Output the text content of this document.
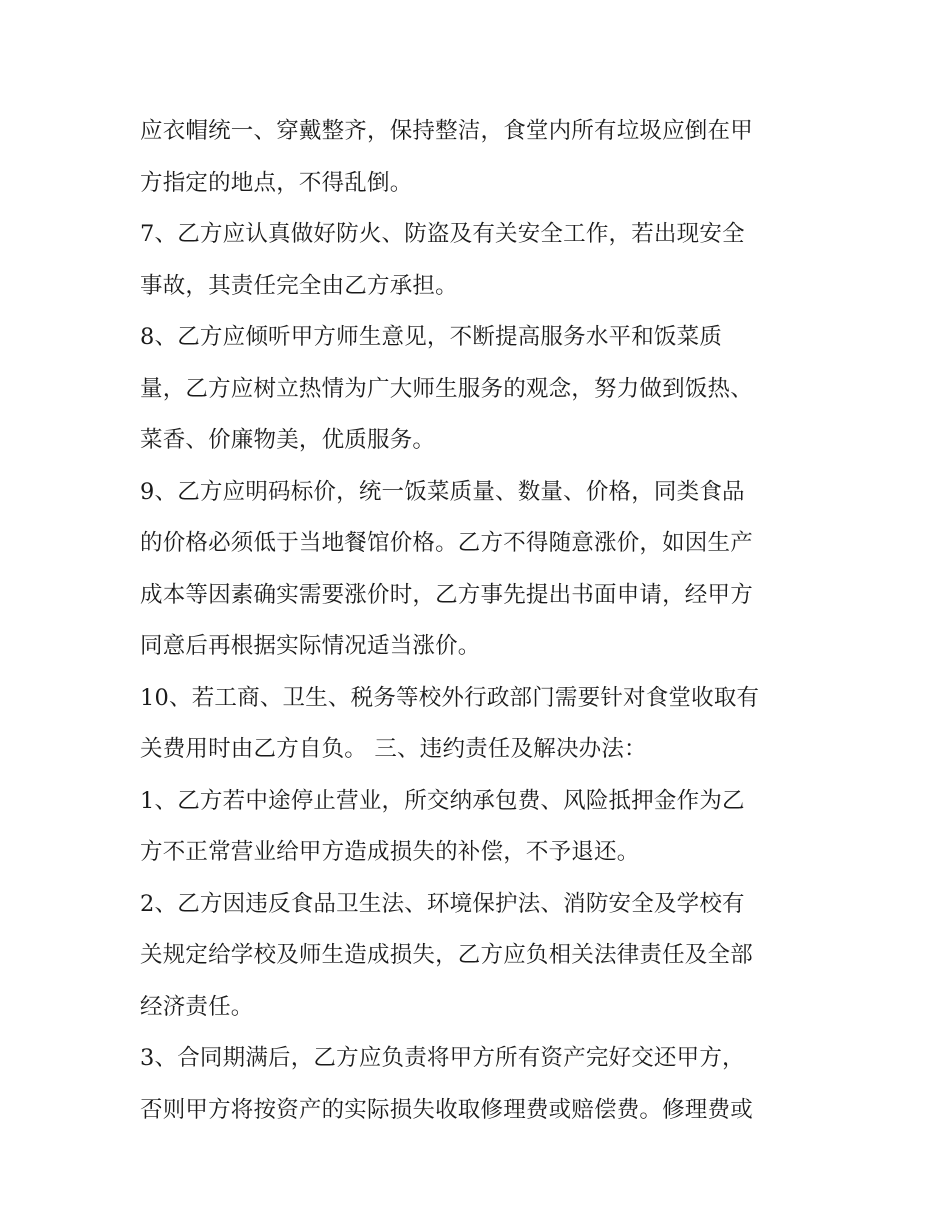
应衣帽统一、穿戴整齐，保持整洁，食堂内所有垃圾应倒在甲
方指定的地点，不得乱倒。
7、乙方应认真做好防火、防盗及有关安全工作，若出现安全
事故，其责任完全由乙方承担。
8、乙方应倾听甲方师生意见，不断提高服务水平和饭菜质
量，乙方应树立热情为广大师生服务的观念，努力做到饭热、
菜香、价廉物美，优质服务。
9、乙方应明码标价，统一饭菜质量、数量、价格，同类食品
的价格必须低于当地餐馆价格。乙方不得随意涨价，如因生产
成本等因素确实需要涨价时，乙方事先提出书面申请，经甲方
同意后再根据实际情况适当涨价。
10、若工商、卫生、税务等校外行政部门需要针对食堂收取有
关费用时由乙方自负。 三、违约责任及解决办法：
1、乙方若中途停止营业，所交纳承包费、风险抵押金作为乙
方不正常营业给甲方造成损失的补偿，不予退还。
2、乙方因违反食品卫生法、环境保护法、消防安全及学校有
关规定给学校及师生造成损失，乙方应负相关法律责任及全部
经济责任。
3、合同期满后，乙方应负责将甲方所有资产完好交还甲方，
否则甲方将按资产的实际损失收取修理费或赔偿费。修理费或
